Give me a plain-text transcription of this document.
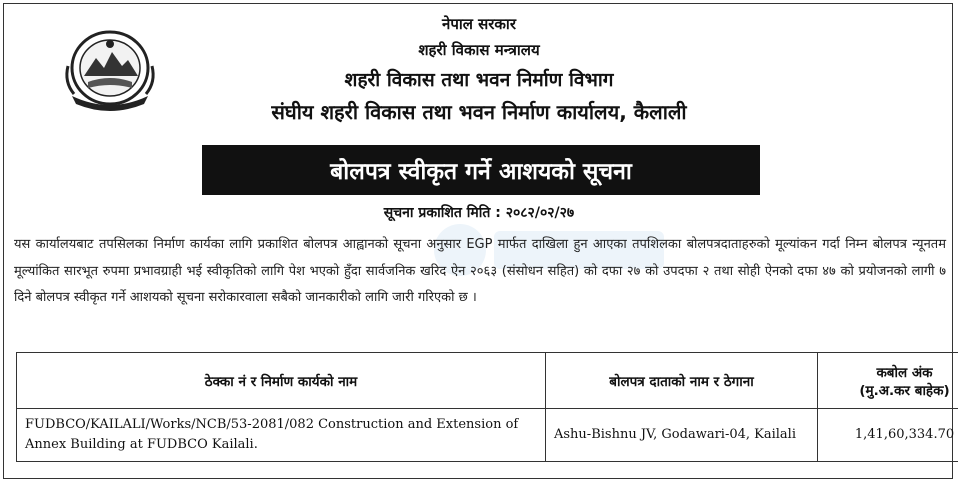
नेपाल सरकार
शहरी विकास मन्त्रालय
शहरी विकास तथा भवन निर्माण विभाग
संघीय शहरी विकास तथा भवन निर्माण कार्यालय, कैलाली
बोलपत्र स्वीकृत गर्ने आशयको सूचना
सूचना प्रकाशित मिति : २०८२/०२/२७
यस कार्यालयबाट तपसिलका निर्माण कार्यका लागि प्रकाशित बोलपत्र आह्वानको सूचना अनुसार EGP मार्फत दाखिला हुन आएका तपशिलका बोलपत्रदाताहरुको मूल्यांकन गर्दा निम्न बोलपत्र न्यूनतम मूल्यांकित सारभूत रुपमा प्रभावग्राही भई स्वीकृतिको लागि पेश भएको हुँदा सार्वजनिक खरिद ऐन २०६३ (संसोधन सहित) को दफा २७ को उपदफा २ तथा सोही ऐनको दफा ४७ को प्रयोजनको लागी ७ दिने बोलपत्र स्वीकृत गर्ने आशयको सूचना सरोकारवाला सबैको जानकारीको लागि जारी गरिएको छ ।
ठेक्का नं र निर्माण कार्यको नाम	बोलपत्र दाताको नाम र ठेगाना	कबोल अंक
(मु.अ.कर बाहेक)

FUDBCO/KAILALI/Works/NCB/53-2081/082 Construction and Extension of Annex Building at FUDBCO Kailali.	Ashu-Bishnu JV, Godawari-04, Kailali	1,41,60,334.70
